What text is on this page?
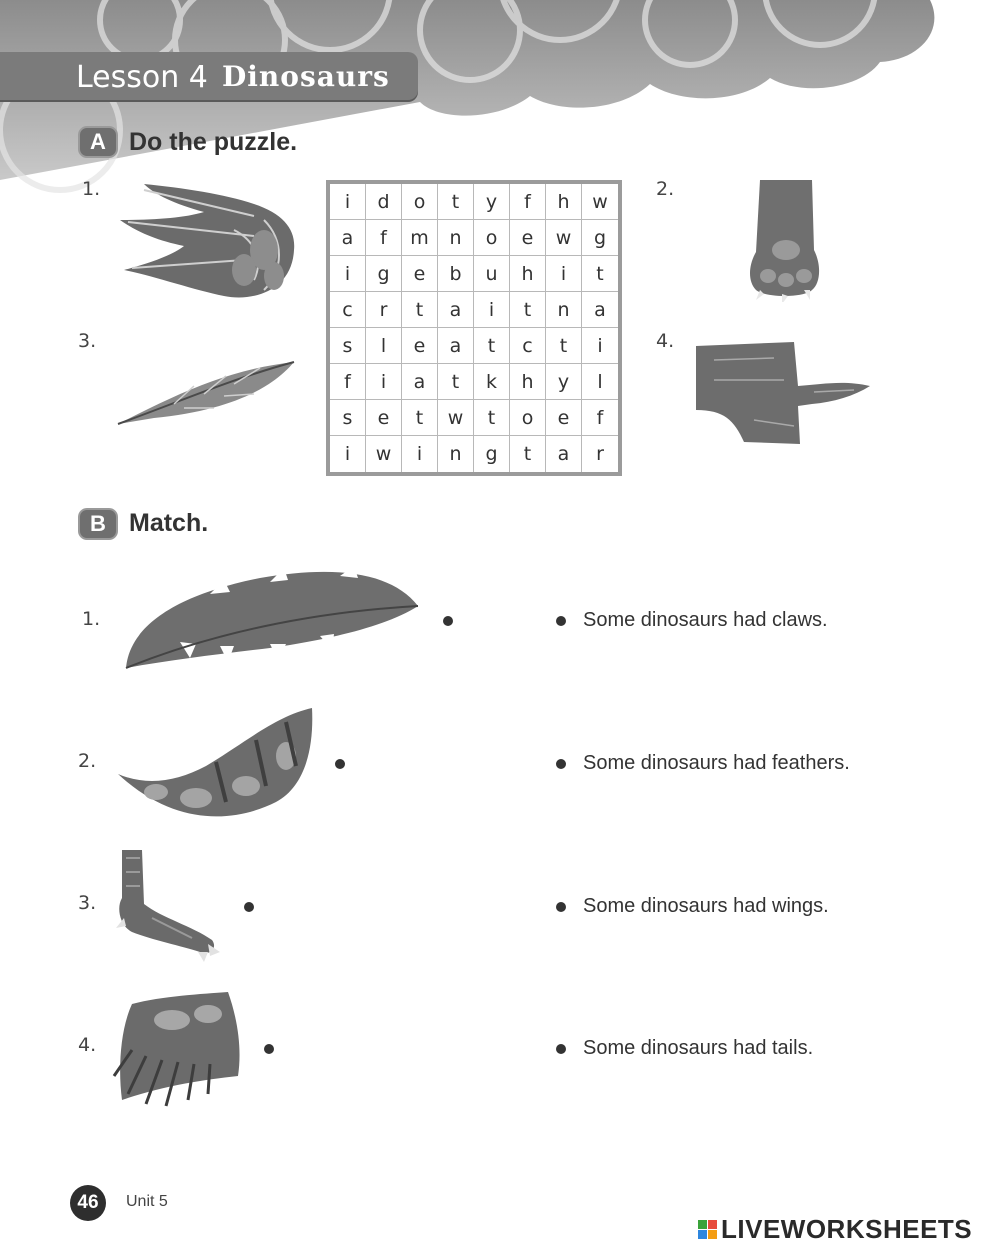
Lesson 4 Dinosaurs
A Do the puzzle.
1.	2.
3.	4.
i	d	o	t	y	f	h	w
a	f	m	n	o	e	w	g
i	g	e	b	u	h	i	t
c	r	t	a	i	t	n	a
s	l	e	a	t	c	t	i
f	i	a	t	k	h	y	l
s	e	t	w	t	o	e	f
i	w	i	n	g	t	a	r
B Match.
1.
2.
3.
4.
Some dinosaurs had claws.
Some dinosaurs had feathers.
Some dinosaurs had wings.
Some dinosaurs had tails.
46	Unit 5
LIVEWORKSHEETS
